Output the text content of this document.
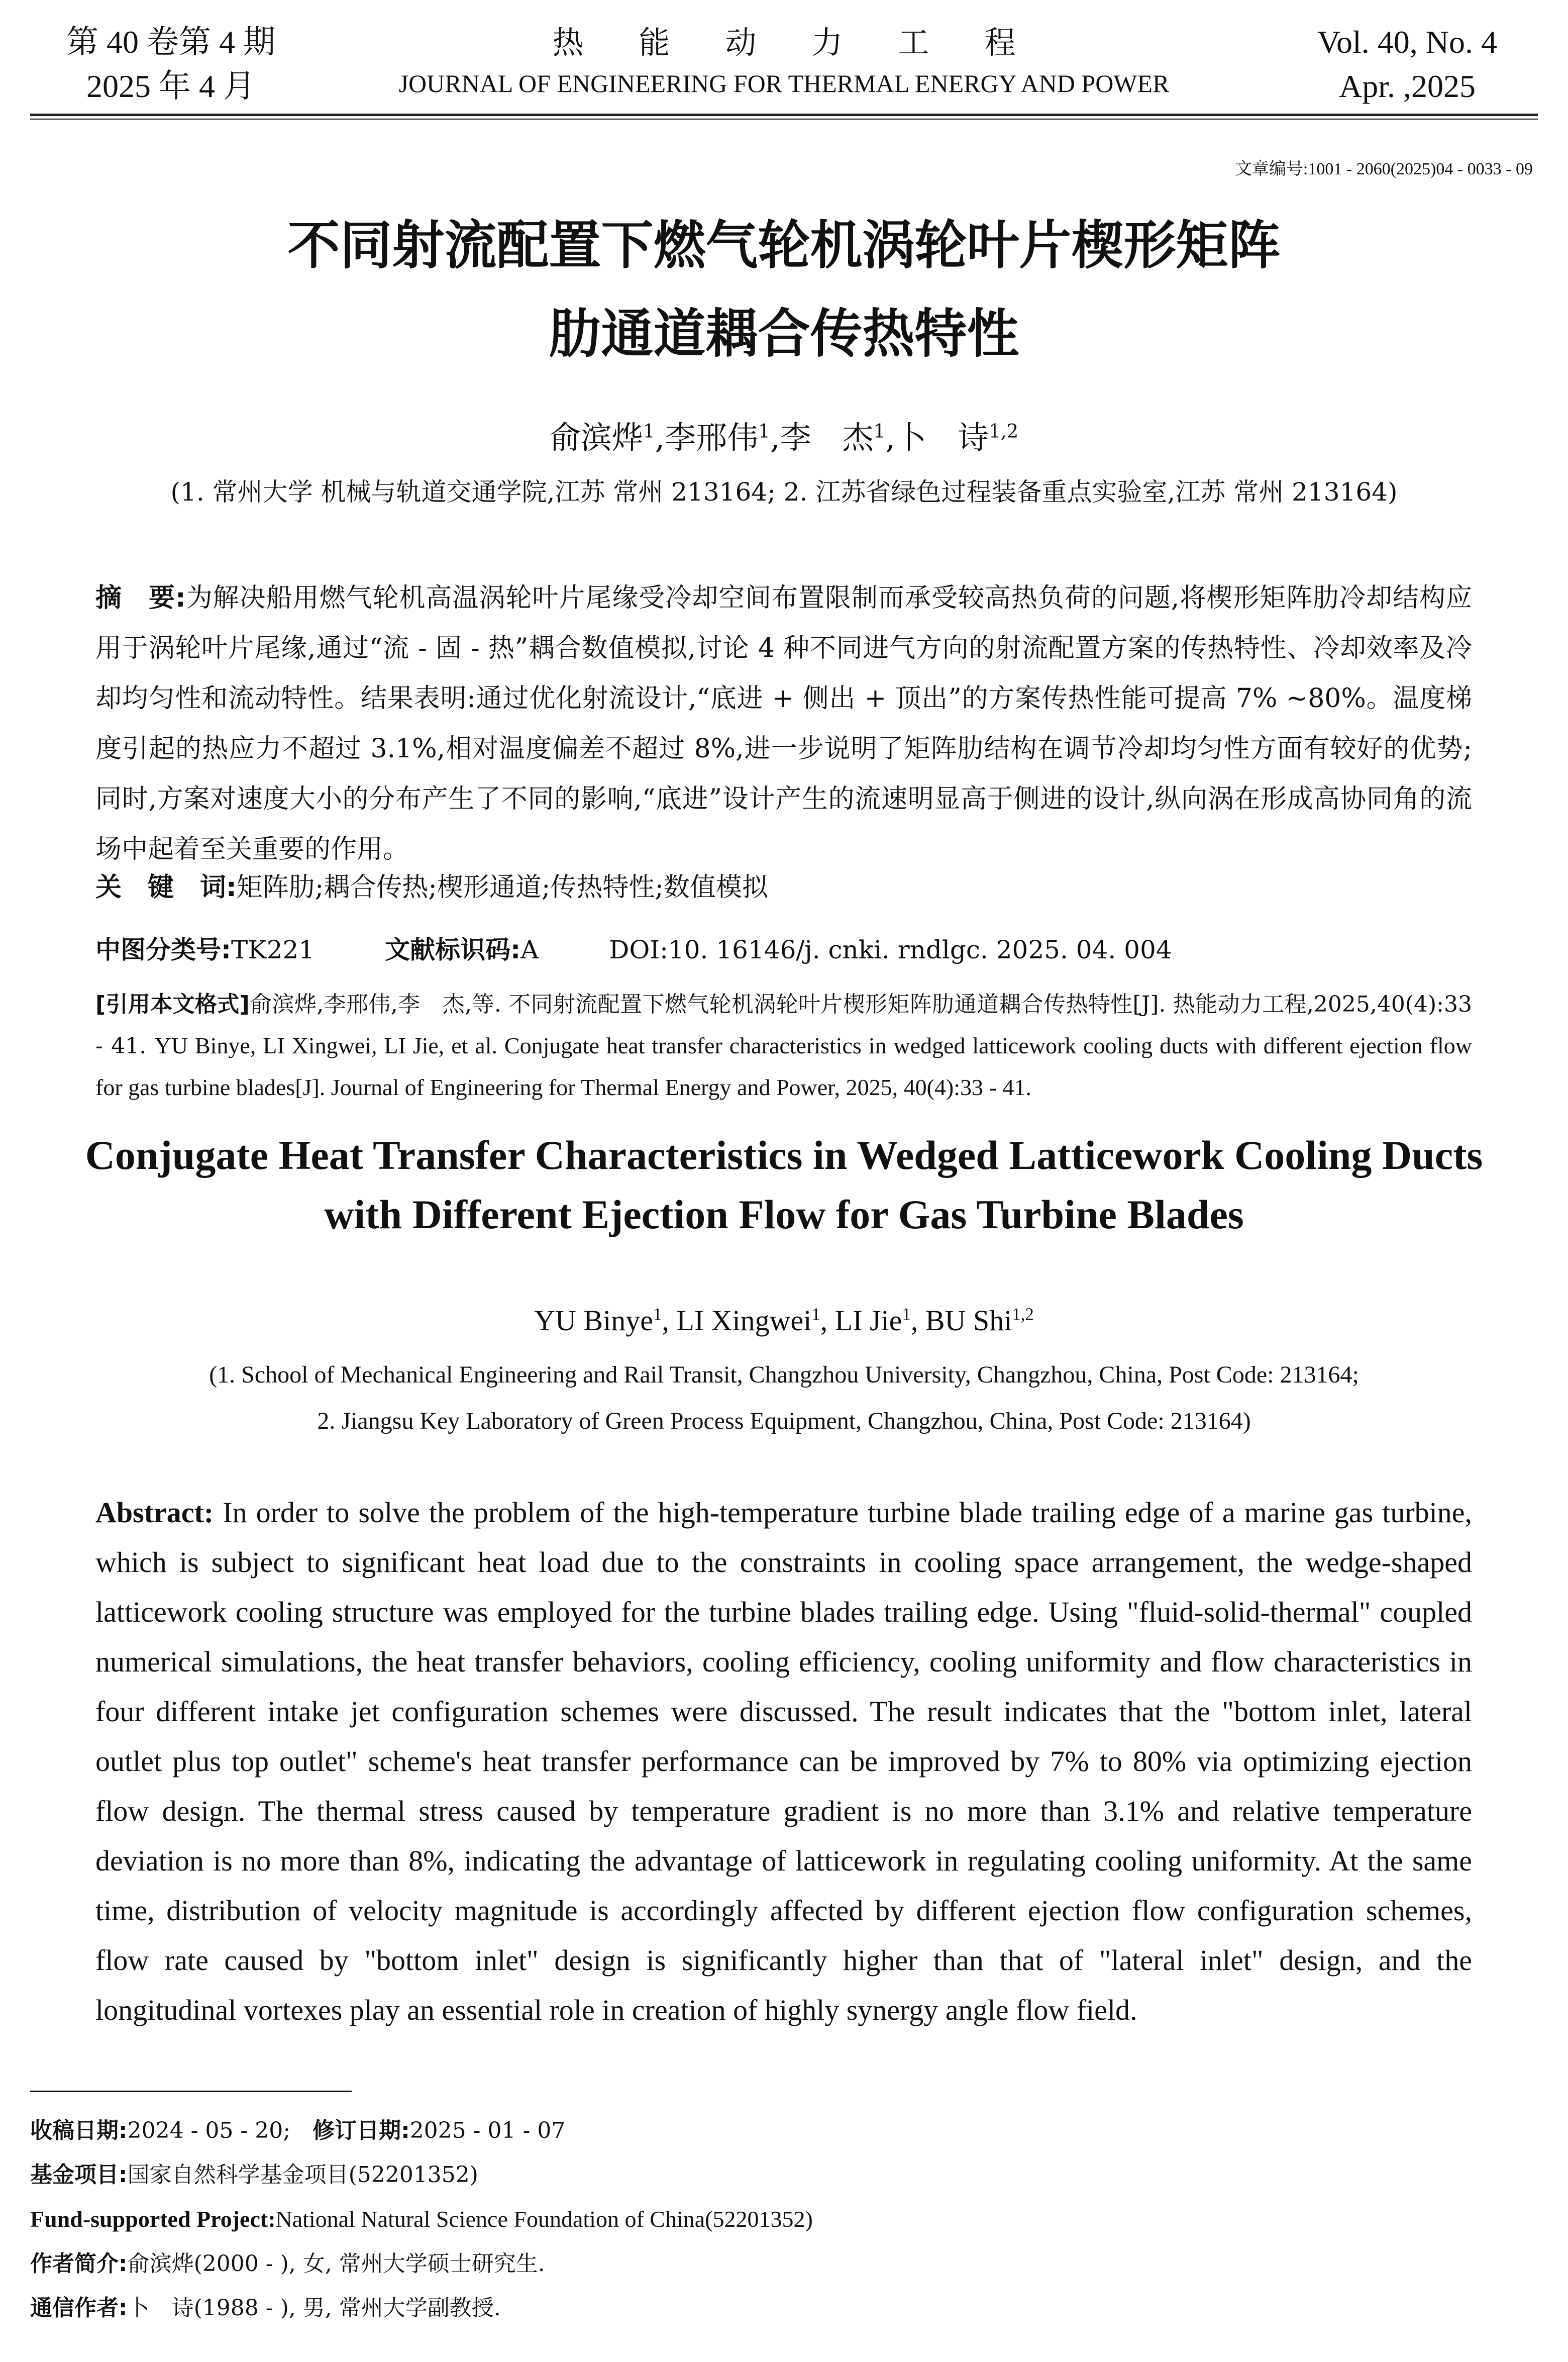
第 40 卷第 4 期
2025 年 4 月
热能动力工程
JOURNAL OF ENGINEERING FOR THERMAL ENERGY AND POWER
Vol. 40, No. 4
Apr. ,2025
文章编号:1001 - 2060(2025)04 - 0033 - 09
不同射流配置下燃气轮机涡轮叶片楔形矩阵
肋通道耦合传热特性
俞滨烨$^1$,李邢伟$^1$,李　杰$^1$,卜　诗$^{1,2}$
(1. 常州大学 机械与轨道交通学院,江苏 常州 213164; 2. 江苏省绿色过程装备重点实验室,江苏 常州 213164)
摘　要:为解决船用燃气轮机高温涡轮叶片尾缘受冷却空间布置限制而承受较高热负荷的问题,将楔形矩阵肋冷却结构应用于涡轮叶片尾缘,通过“流 - 固 - 热”耦合数值模拟,讨论 4 种不同进气方向的射流配置方案的传热特性、冷却效率及冷却均匀性和流动特性。结果表明:通过优化射流设计,“底进 + 侧出 + 顶出”的方案传热性能可提高 7% ~80%。温度梯度引起的热应力不超过 3.1%,相对温度偏差不超过 8%,进一步说明了矩阵肋结构在调节冷却均匀性方面有较好的优势;同时,方案对速度大小的分布产生了不同的影响,“底进”设计产生的流速明显高于侧进的设计,纵向涡在形成高协同角的流场中起着至关重要的作用。
关　键　词:矩阵肋;耦合传热;楔形通道;传热特性;数值模拟
中图分类号:TK221	文献标识码:A	DOI:10. 16146/j. cnki. rndlgc. 2025. 04. 004
[引用本文格式]俞滨烨,李邢伟,李　杰,等. 不同射流配置下燃气轮机涡轮叶片楔形矩阵肋通道耦合传热特性[J]. 热能动力工程,2025,40(4):33 - 41. YU Binye, LI Xingwei, LI Jie, et al. Conjugate heat transfer characteristics in wedged latticework cooling ducts with different ejection flow for gas turbine blades[J]. Journal of Engineering for Thermal Energy and Power, 2025, 40(4):33 - 41.
Conjugate Heat Transfer Characteristics in Wedged Latticework Cooling Ducts
with Different Ejection Flow for Gas Turbine Blades
YU Binye$^1$, LI Xingwei$^1$, LI Jie$^1$, BU Shi$^{1,2}$
(1. School of Mechanical Engineering and Rail Transit, Changzhou University, Changzhou, China, Post Code: 213164;
2. Jiangsu Key Laboratory of Green Process Equipment, Changzhou, China, Post Code: 213164)
Abstract: In order to solve the problem of the high-temperature turbine blade trailing edge of a marine gas turbine, which is subject to significant heat load due to the constraints in cooling space arrangement, the wedge-shaped latticework cooling structure was employed for the turbine blades trailing edge. Using "fluid-solid-thermal" coupled numerical simulations, the heat transfer behaviors, cooling efficiency, cooling uniformity and flow characteristics in four different intake jet configuration schemes were discussed. The result indicates that the "bottom inlet, lateral outlet plus top outlet" scheme's heat transfer performance can be improved by 7% to 80% via optimizing ejection flow design. The thermal stress caused by temperature gradient is no more than 3.1% and relative temperature deviation is no more than 8%, indicating the advantage of latticework in regulating cooling uniformity. At the same time, distribution of velocity magnitude is accordingly affected by different ejection flow configuration schemes, flow rate caused by "bottom inlet" design is significantly higher than that of "lateral inlet" design, and the longitudinal vortexes play an essential role in creation of highly synergy angle flow field.
收稿日期:2024 - 05 - 20;　 修订日期:2025 - 01 - 07
基金项目:国家自然科学基金项目(52201352)
Fund-supported Project:National Natural Science Foundation of China(52201352)
作者简介:俞滨烨(2000 - ), 女, 常州大学硕士研究生.
通信作者:卜　诗(1988 - ), 男, 常州大学副教授.
